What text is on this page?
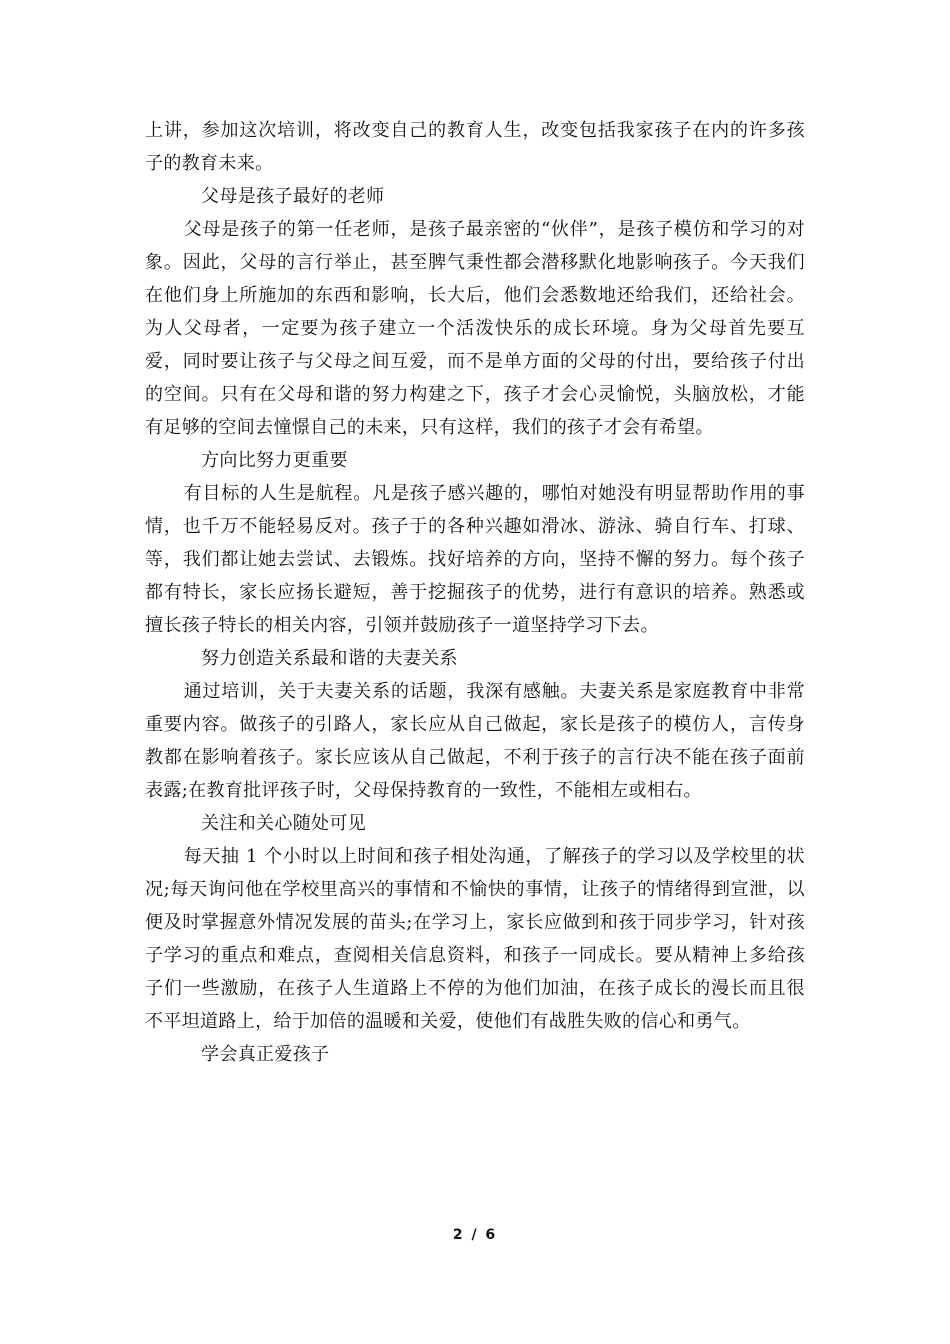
上讲，参加这次培训，将改变自己的教育人生，改变包括我家孩子在内的许多孩子的教育未来。

父母是孩子最好的老师

父母是孩子的第一任老师，是孩子最亲密的“伙伴”，是孩子模仿和学习的对象。因此，父母的言行举止，甚至脾气秉性都会潜移默化地影响孩子。今天我们在他们身上所施加的东西和影响，长大后，他们会悉数地还给我们，还给社会。为人父母者，一定要为孩子建立一个活泼快乐的成长环境。身为父母首先要互爱，同时要让孩子与父母之间互爱，而不是单方面的父母的付出，要给孩子付出的空间。只有在父母和谐的努力构建之下，孩子才会心灵愉悦，头脑放松，才能有足够的空间去憧憬自己的未来，只有这样，我们的孩子才会有希望。

方向比努力更重要

有目标的人生是航程。凡是孩子感兴趣的，哪怕对她没有明显帮助作用的事情，也千万不能轻易反对。孩子于的各种兴趣如滑冰、游泳、骑自行车、打球、等，我们都让她去尝试、去锻炼。找好培养的方向，坚持不懈的努力。每个孩子都有特长，家长应扬长避短，善于挖掘孩子的优势，进行有意识的培养。熟悉或擅长孩子特长的相关内容，引领并鼓励孩子一道坚持学习下去。

努力创造关系最和谐的夫妻关系

通过培训，关于夫妻关系的话题，我深有感触。夫妻关系是家庭教育中非常重要内容。做孩子的引路人，家长应从自己做起，家长是孩子的模仿人，言传身教都在影响着孩子。家长应该从自己做起，不利于孩子的言行决不能在孩子面前表露;在教育批评孩子时，父母保持教育的一致性，不能相左或相右。

关注和关心随处可见

每天抽 1 个小时以上时间和孩子相处沟通，了解孩子的学习以及学校里的状况;每天询问他在学校里高兴的事情和不愉快的事情，让孩子的情绪得到宣泄，以便及时掌握意外情况发展的苗头;在学习上，家长应做到和孩于同步学习，针对孩子学习的重点和难点，查阅相关信息资料，和孩子一同成长。要从精神上多给孩子们一些激励，在孩子人生道路上不停的为他们加油，在孩子成长的漫长而且很不平坦道路上，给于加倍的温暖和关爱，使他们有战胜失败的信心和勇气。

学会真正爱孩子

2 / 6
